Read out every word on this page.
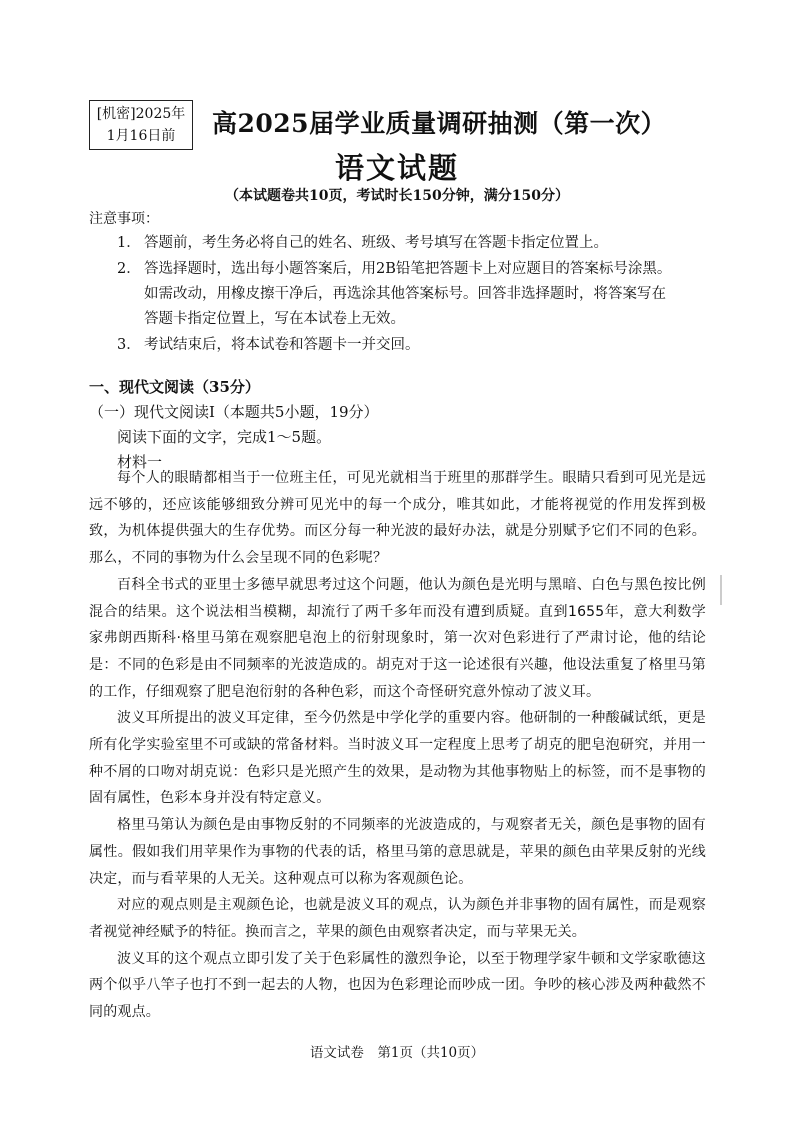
[机密]2025年
1月16日前	高2025届学业质量调研抽测（第一次）
语文试题
（本试题卷共10页，考试时长150分钟，满分150分）
注意事项：
1． 答题前，考生务必将自己的姓名、班级、考号填写在答题卡指定位置上。
2． 答选择题时，选出每小题答案后，用2B铅笔把答题卡上对应题目的答案标号涂黑。
如需改动，用橡皮擦干净后，再选涂其他答案标号。回答非选择题时，将答案写在
答题卡指定位置上，写在本试卷上无效。
3． 考试结束后，将本试卷和答题卡一并交回。
一、现代文阅读（35分）
（一）现代文阅读Ⅰ（本题共5小题，19分）
阅读下面的文字，完成1～5题。
材料一

每个人的眼睛都相当于一位班主任，可见光就相当于班里的那群学生。眼睛只看到可见光是远远不够的，还应该能够细致分辨可见光中的每一个成分，唯其如此，才能将视觉的作用发挥到极致，为机体提供强大的生存优势。而区分每一种光波的最好办法，就是分别赋予它们不同的色彩。那么，不同的事物为什么会呈现不同的色彩呢？

百科全书式的亚里士多德早就思考过这个问题，他认为颜色是光明与黑暗、白色与黑色按比例混合的结果。这个说法相当模糊，却流行了两千多年而没有遭到质疑。直到1655年，意大利数学家弗朗西斯科·格里马第在观察肥皂泡上的衍射现象时，第一次对色彩进行了严肃讨论，他的结论是：不同的色彩是由不同频率的光波造成的。胡克对于这一论述很有兴趣，他设法重复了格里马第的工作，仔细观察了肥皂泡衍射的各种色彩，而这个奇怪研究意外惊动了波义耳。

波义耳所提出的波义耳定律，至今仍然是中学化学的重要内容。他研制的一种酸碱试纸，更是所有化学实验室里不可或缺的常备材料。当时波义耳一定程度上思考了胡克的肥皂泡研究，并用一种不屑的口吻对胡克说：色彩只是光照产生的效果，是动物为其他事物贴上的标签，而不是事物的固有属性，色彩本身并没有特定意义。

格里马第认为颜色是由事物反射的不同频率的光波造成的，与观察者无关，颜色是事物的固有属性。假如我们用苹果作为事物的代表的话，格里马第的意思就是，苹果的颜色由苹果反射的光线决定，而与看苹果的人无关。这种观点可以称为客观颜色论。

对应的观点则是主观颜色论，也就是波义耳的观点，认为颜色并非事物的固有属性，而是观察者视觉神经赋予的特征。换而言之，苹果的颜色由观察者决定，而与苹果无关。

波义耳的这个观点立即引发了关于色彩属性的激烈争论，以至于物理学家牛顿和文学家歌德这两个似乎八竿子也打不到一起去的人物，也因为色彩理论而吵成一团。争吵的核心涉及两种截然不同的观点。

语文试卷　第1页（共10页）
